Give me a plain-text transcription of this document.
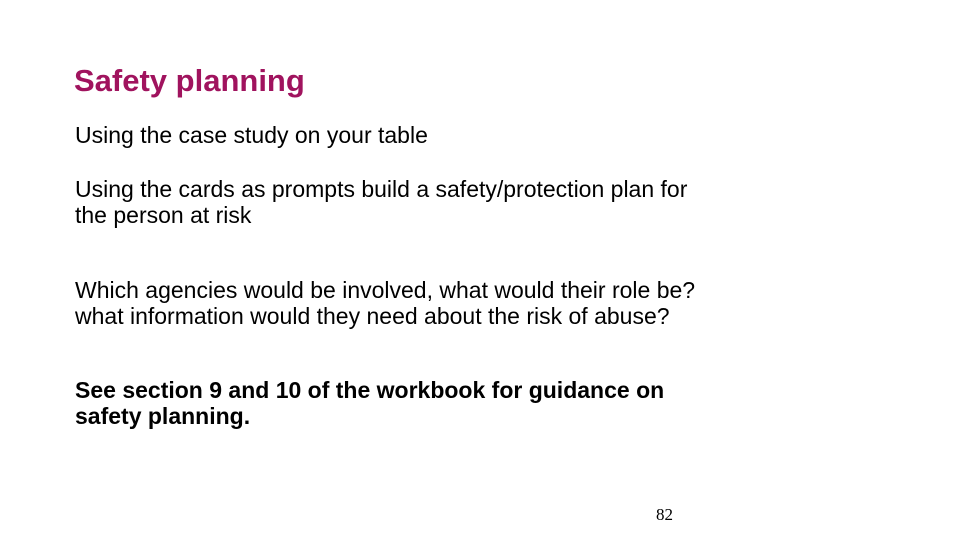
Safety planning
Using the case study on your table
Using the cards as prompts build a safety/protection plan for
the person at risk
Which agencies would be involved, what would their role be?
what information would they need about the risk of abuse?
See section 9 and 10 of the workbook for guidance on
safety planning.
82
